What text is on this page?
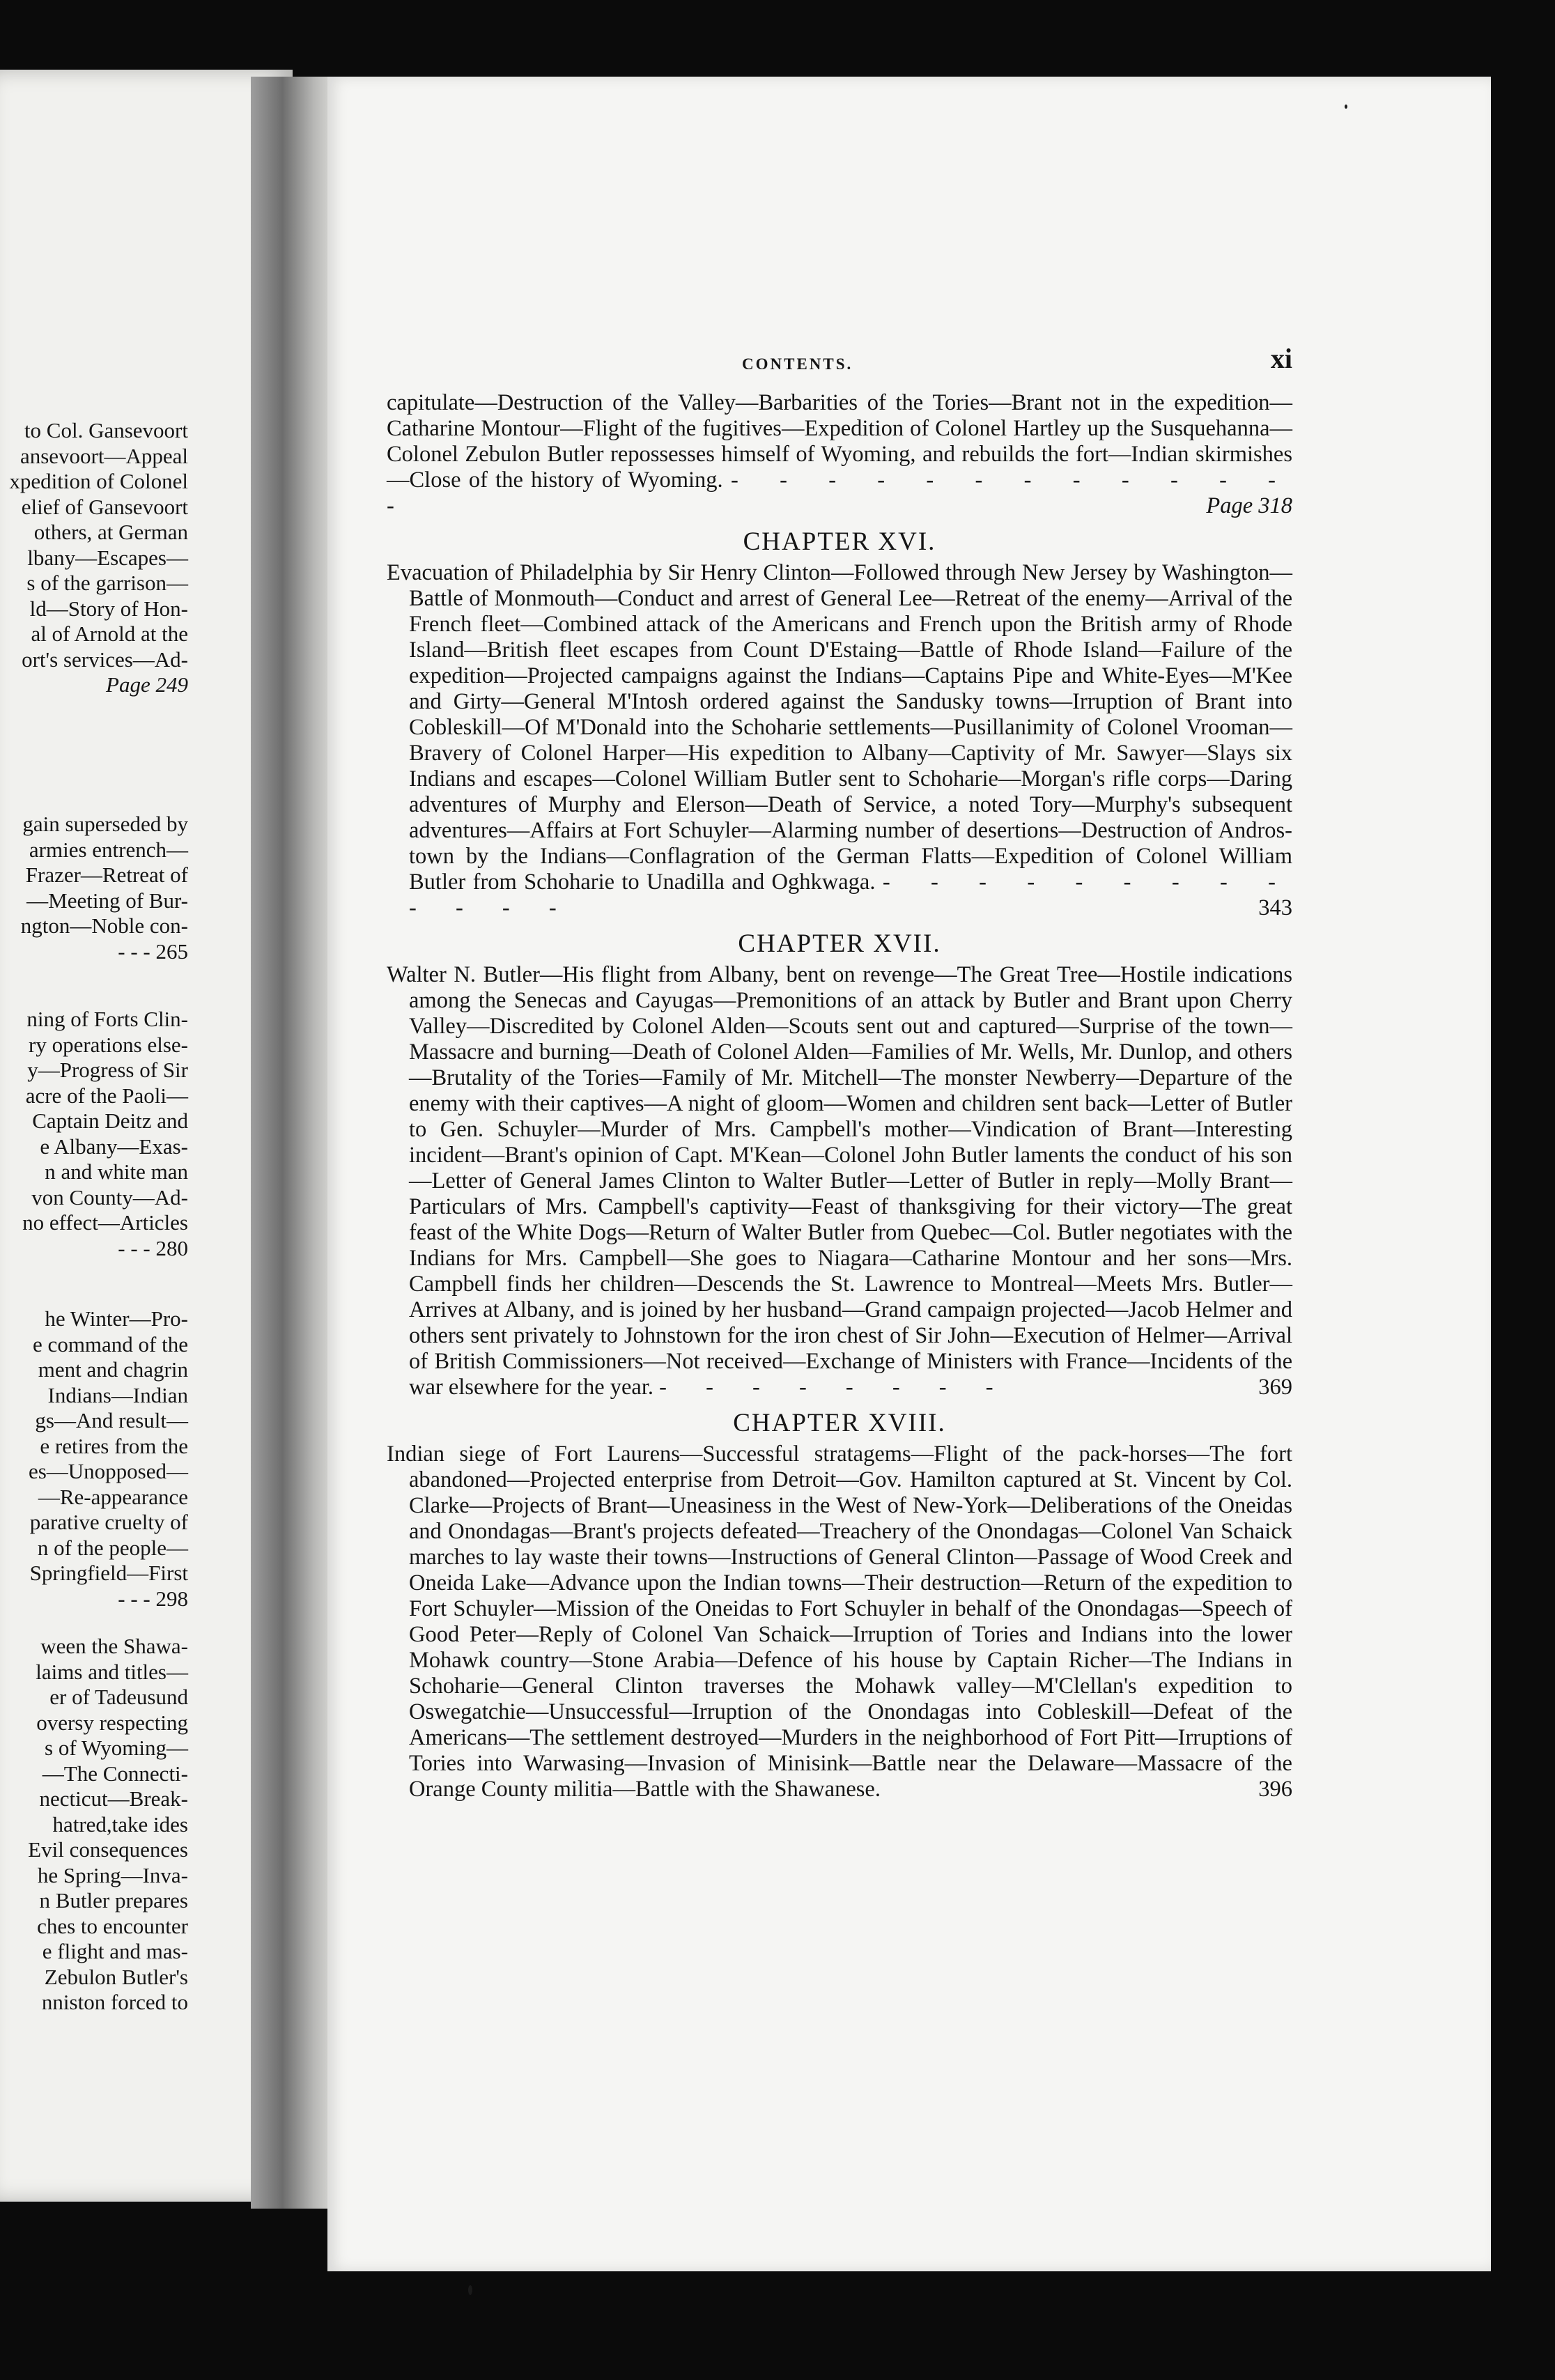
to Col. Gansevoort
ansevoort—Appeal
xpedition of Colonel
elief of Gansevoort
others, at German
lbany—Escapes—
s of the garrison—
ld—Story of Hon-
al of Arnold at the
ort's services—Ad-
Page 249
gain superseded by
armies entrench—
Frazer—Retreat of
—Meeting of Bur-
ngton—Noble con-
- - - 265
ning of Forts Clin-
ry operations else-
y—Progress of Sir
acre of the Paoli—
Captain Deitz and
e Albany—Exas-
n and white man
von County—Ad-
no effect—Articles
- - - 280
he Winter—Pro-
e command of the
ment and chagrin
Indians—Indian
gs—And result—
e retires from the
es—Unopposed—
—Re-appearance
parative cruelty of
n of the people—
Springfield—First
- - - 298
ween the Shawa-
laims and titles—
er of Tadeusund
oversy respecting
s of Wyoming—
—The Connecti-
necticut—Break-
hatred,take ides
Evil consequences
he Spring—Inva-
n Butler prepares
ches to encounter
e flight and mas-
Zebulon Butler's
nniston forced to
CONTENTS.	xi

capitulate—Destruction of the Valley—Barbarities of the Tories—Brant not in the expedition—Catharine Montour—Flight of the fugitives—Expedition of Colonel Hartley up the Susquehanna—Colonel Zebulon Butler repossesses himself of Wyoming, and rebuilds the fort—Indian skirmishes—Close of the history of Wyoming. - - - - - - - - - - - - -	Page 318

CHAPTER XVI.

Evacuation of Philadelphia by Sir Henry Clinton—Followed through New Jersey by Washington—Battle of Monmouth—Conduct and arrest of General Lee—Retreat of the enemy—Arrival of the French fleet—Combined attack of the Americans and French upon the British army of Rhode Island—British fleet escapes from Count D'Estaing—Battle of Rhode Island—Failure of the expedition—Projected campaigns against the Indians—Captains Pipe and White-Eyes—M'Kee and Girty—General M'Intosh ordered against the Sandusky towns—Irruption of Brant into Cobleskill—Of M'Donald into the Schoharie settlements—Pusillanimity of Colonel Vrooman—Bravery of Colonel Harper—His expedition to Albany—Captivity of Mr. Sawyer—Slays six Indians and escapes—Colonel William Butler sent to Schoharie—Morgan's rifle corps—Daring adventures of Murphy and Elerson—Death of Service, a noted Tory—Murphy's subsequent adventures—Affairs at Fort Schuyler—Alarming number of desertions—Destruction of Andros-town by the Indians—Conflagration of the German Flatts—Expedition of Colonel William Butler from Schoharie to Unadilla and Oghkwaga. - - - - - - - - - - - - -	343

CHAPTER XVII.

Walter N. Butler—His flight from Albany, bent on revenge—The Great Tree—Hostile indications among the Senecas and Cayugas—Premonitions of an attack by Butler and Brant upon Cherry Valley—Discredited by Colonel Alden—Scouts sent out and captured—Surprise of the town—Massacre and burning—Death of Colonel Alden—Families of Mr. Wells, Mr. Dunlop, and others—Brutality of the Tories—Family of Mr. Mitchell—The monster Newberry—Departure of the enemy with their captives—A night of gloom—Women and children sent back—Letter of Butler to Gen. Schuyler—Murder of Mrs. Campbell's mother—Vindication of Brant—Interesting incident—Brant's opinion of Capt. M'Kean—Colonel John Butler laments the conduct of his son—Letter of General James Clinton to Walter Butler—Letter of Butler in reply—Molly Brant—Particulars of Mrs. Campbell's captivity—Feast of thanksgiving for their victory—The great feast of the White Dogs—Return of Walter Butler from Quebec—Col. Butler negotiates with the Indians for Mrs. Campbell—She goes to Niagara—Catharine Montour and her sons—Mrs. Campbell finds her children—Descends the St. Lawrence to Montreal—Meets Mrs. Butler—Arrives at Albany, and is joined by her husband—Grand campaign projected—Jacob Helmer and others sent privately to Johnstown for the iron chest of Sir John—Execution of Helmer—Arrival of British Commissioners—Not received—Exchange of Ministers with France—Incidents of the war elsewhere for the year. - - - - - - - -	369

CHAPTER XVIII.

Indian siege of Fort Laurens—Successful stratagems—Flight of the pack-horses—The fort abandoned—Projected enterprise from Detroit—Gov. Hamilton captured at St. Vincent by Col. Clarke—Projects of Brant—Uneasiness in the West of New-York—Deliberations of the Oneidas and Onondagas—Brant's projects defeated—Treachery of the Onondagas—Colonel Van Schaick marches to lay waste their towns—Instructions of General Clinton—Passage of Wood Creek and Oneida Lake—Advance upon the Indian towns—Their destruction—Return of the expedition to Fort Schuyler—Mission of the Oneidas to Fort Schuyler in behalf of the Onondagas—Speech of Good Peter—Reply of Colonel Van Schaick—Irruption of Tories and Indians into the lower Mohawk country—Stone Arabia—Defence of his house by Captain Richer—The Indians in Schoharie—General Clinton traverses the Mohawk valley—M'Clellan's expedition to Oswegatchie—Unsuccessful—Irruption of the Onondagas into Cobleskill—Defeat of the Americans—The settlement destroyed—Murders in the neighborhood of Fort Pitt—Irruptions of Tories into Warwasing—Invasion of Minisink—Battle near the Delaware—Massacre of the Orange County militia—Battle with the Shawanese.	396
